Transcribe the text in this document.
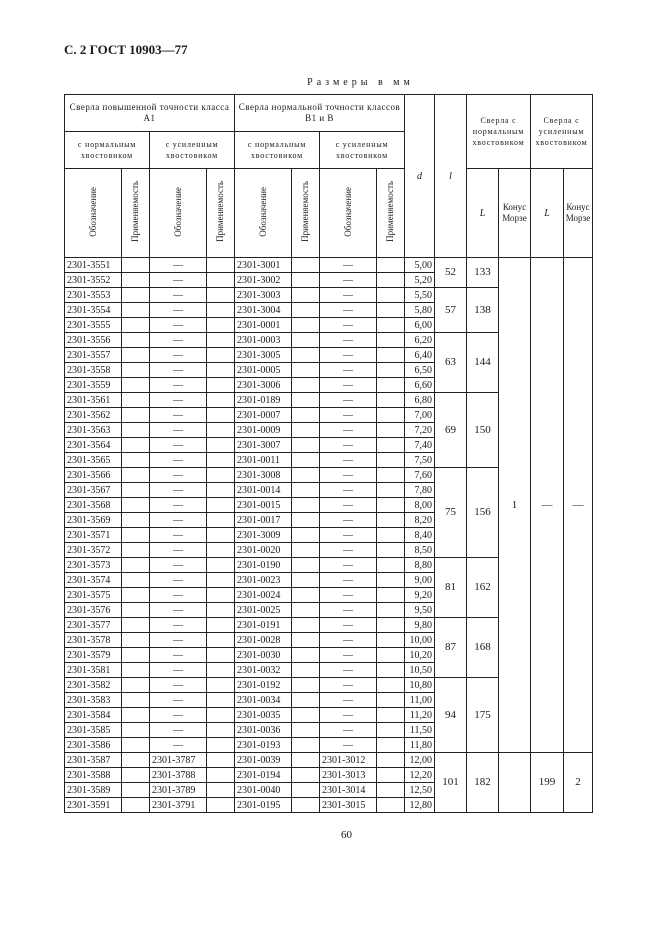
С. 2 ГОСТ 10903—77
Размеры в мм
Сверла повышенной точности класса А1				Сверла нормальной точности классов В1 и В				d	l	Сверла с нормальным хвостовиком		Сверла с усиленным хвостовиком	
с нормальным хвостовиком		с усиленным хвостовиком		с нормальным хвостовиком		с усиленным хвостовиком							
Обозначение	Применяемость	Обозначение	Применяемость	Обозначение	Применяемость	Обозначение	Применяемость			L	Конус Морзе	L	Конус Морзе
2301-3551		—		2301-3001		—		5,00	52	133	1	—	—
2301-3552		—		2301-3002		—		5,20					
2301-3553		—		2301-3003		—		5,50	57	138			
2301-3554		—		2301-3004		—		5,80					
2301-3555		—		2301-0001		—		6,00					
2301-3556		—		2301-0003		—		6,20	63	144			
2301-3557		—		2301-3005		—		6,40					
2301-3558		—		2301-0005		—		6,50					
2301-3559		—		2301-3006		—		6,60					
2301-3561		—		2301-0189		—		6,80	69	150			
2301-3562		—		2301-0007		—		7,00					
2301-3563		—		2301-0009		—		7,20					
2301-3564		—		2301-3007		—		7,40					
2301-3565		—		2301-0011		—		7,50					
2301-3566		—		2301-3008		—		7,60	75	156			
2301-3567		—		2301-0014		—		7,80					
2301-3568		—		2301-0015		—		8,00					
2301-3569		—		2301-0017		—		8,20					
2301-3571		—		2301-3009		—		8,40					
2301-3572		—		2301-0020		—		8,50					
2301-3573		—		2301-0190		—		8,80	81	162			
2301-3574		—		2301-0023		—		9,00					
2301-3575		—		2301-0024		—		9,20					
2301-3576		—		2301-0025		—		9,50					
2301-3577		—		2301-0191		—		9,80	87	168			
2301-3578		—		2301-0028		—		10,00					
2301-3579		—		2301-0030		—		10,20					
2301-3581		—		2301-0032		—		10,50					
2301-3582		—		2301-0192		—		10,80	94	175			
2301-3583		—		2301-0034		—		11,00					
2301-3584		—		2301-0035		—		11,20					
2301-3585		—		2301-0036		—		11,50					
2301-3586		—		2301-0193		—		11,80					
2301-3587		2301-3787		2301-0039		2301-3012		12,00	101	182		199	2
2301-3588		2301-3788		2301-0194		2301-3013		12,20					
2301-3589		2301-3789		2301-0040		2301-3014		12,50					
2301-3591		2301-3791		2301-0195		2301-3015		12,80					
60
